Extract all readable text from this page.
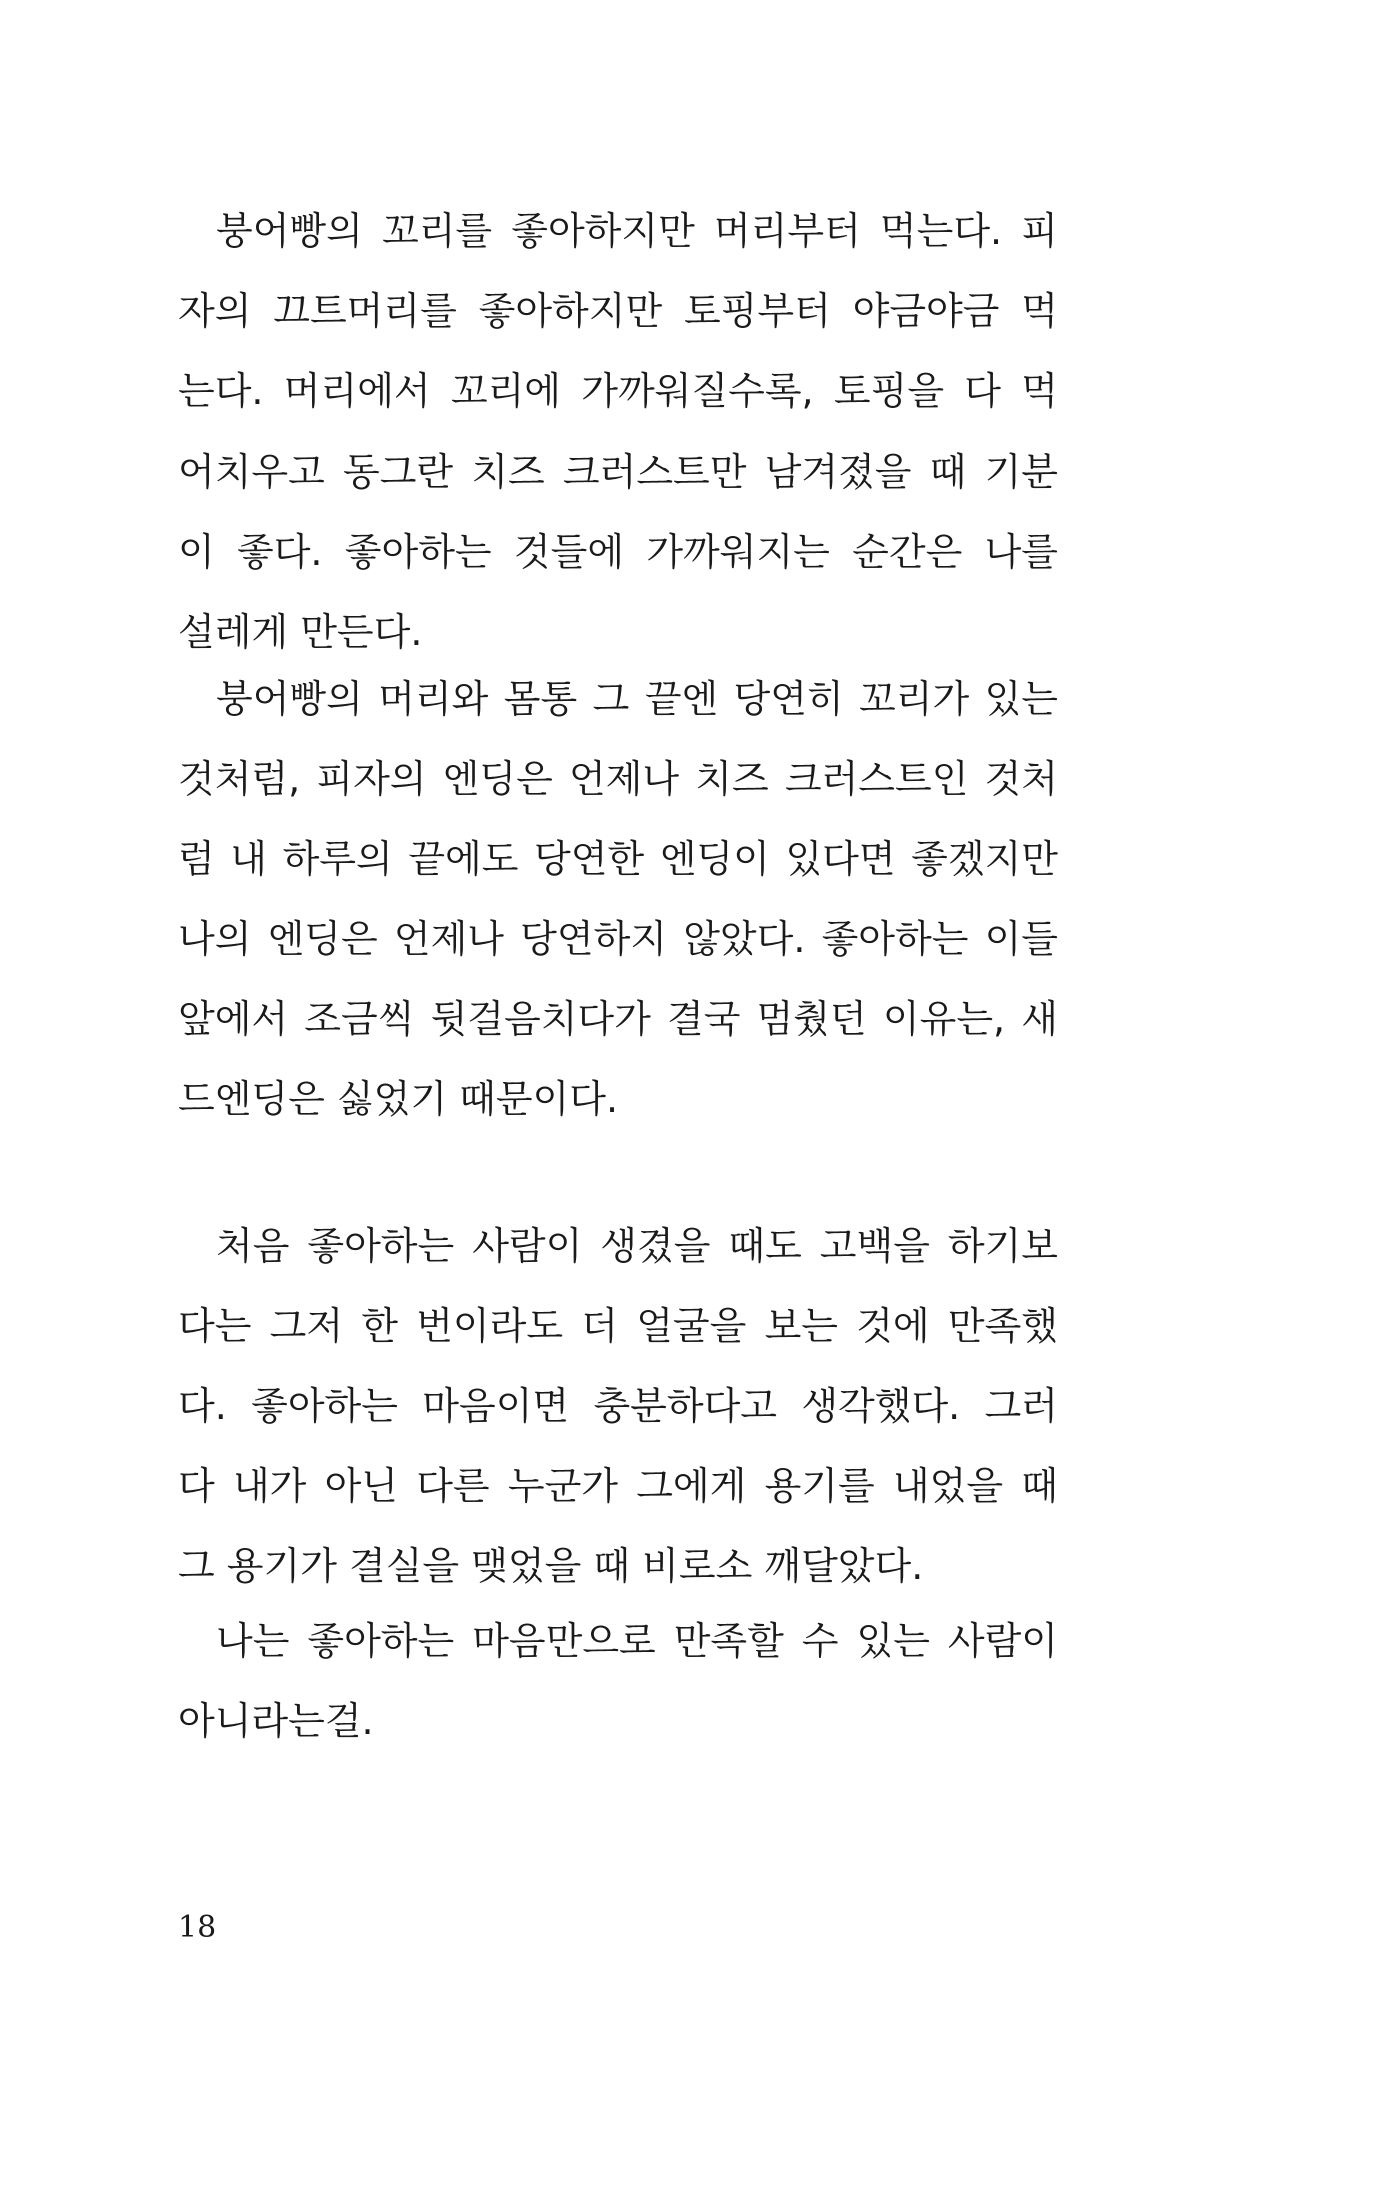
붕어빵의 꼬리를 좋아하지만 머리부터 먹는다. 피
자의 끄트머리를 좋아하지만 토핑부터 야금야금 먹
는다. 머리에서 꼬리에 가까워질수록, 토핑을 다 먹
어치우고 동그란 치즈 크러스트만 남겨졌을 때 기분
이 좋다. 좋아하는 것들에 가까워지는 순간은 나를
설레게 만든다.
붕어빵의 머리와 몸통 그 끝엔 당연히 꼬리가 있는
것처럼, 피자의 엔딩은 언제나 치즈 크러스트인 것처
럼 내 하루의 끝에도 당연한 엔딩이 있다면 좋겠지만
나의 엔딩은 언제나 당연하지 않았다. 좋아하는 이들
앞에서 조금씩 뒷걸음치다가 결국 멈췄던 이유는, 새
드엔딩은 싫었기 때문이다.
처음 좋아하는 사람이 생겼을 때도 고백을 하기보
다는 그저 한 번이라도 더 얼굴을 보는 것에 만족했
다. 좋아하는 마음이면 충분하다고 생각했다. 그러
다 내가 아닌 다른 누군가 그에게 용기를 내었을 때
그 용기가 결실을 맺었을 때 비로소 깨달았다.
나는 좋아하는 마음만으로 만족할 수 있는 사람이
아니라는걸.
18
